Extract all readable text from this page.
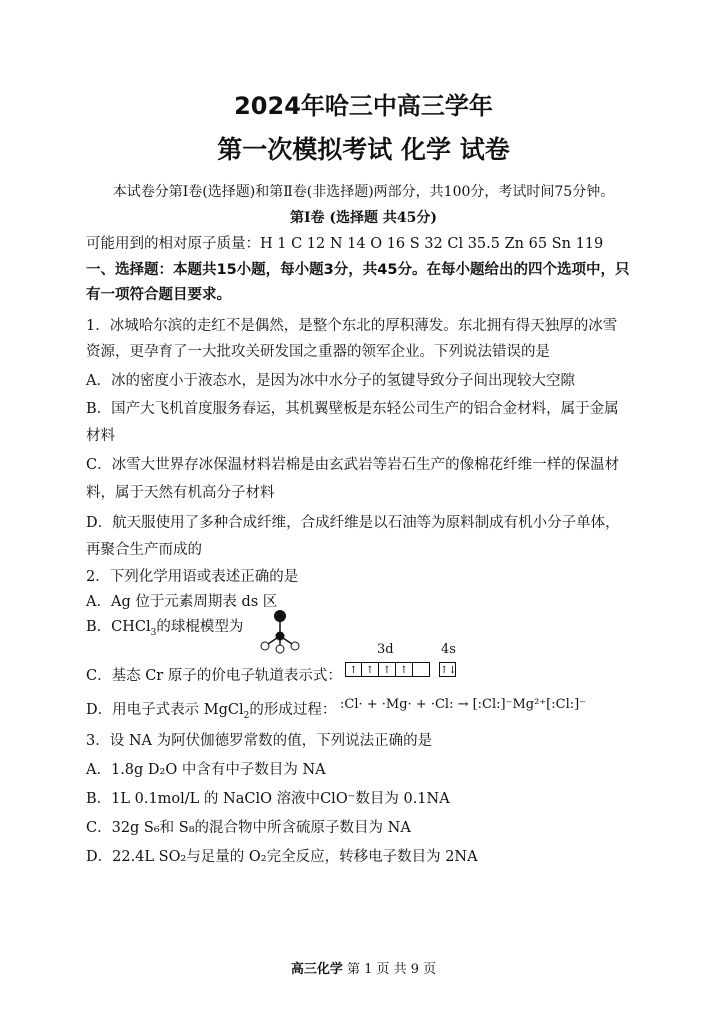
2024年哈三中高三学年
第一次模拟考试 化学 试卷
本试卷分第Ⅰ卷(选择题)和第Ⅱ卷(非选择题)两部分，共100分，考试时间75分钟。
第Ⅰ卷 (选择题 共45分)
可能用到的相对原子质量：H 1 C 12 N 14 O 16 S 32 Cl 35.5 Zn 65 Sn 119
一、选择题：本题共15小题，每小题3分，共45分。在每小题给出的四个选项中，只
有一项符合题目要求。
1．冰城哈尔滨的走红不是偶然，是整个东北的厚积薄发。东北拥有得天独厚的冰雪
资源，更孕育了一大批攻关研发国之重器的领军企业。下列说法错误的是
A．冰的密度小于液态水，是因为冰中水分子的氢键导致分子间出现较大空隙
B．国产大飞机首度服务春运，其机翼壁板是东轻公司生产的铝合金材料，属于金属
材料
C．冰雪大世界存冰保温材料岩棉是由玄武岩等岩石生产的像棉花纤维一样的保温材
料，属于天然有机高分子材料
D．航天服使用了多种合成纤维，合成纤维是以石油等为原料制成有机小分子单体，
再聚合生产而成的
2．下列化学用语或表述正确的是
A．Ag 位于元素周期表 ds 区
B．CHCl$_3$的球棍模型为
C．基态 Cr 原子的价电子轨道表示式：
3d	4s
↑ ↑ ↑ ↑	↑↓
D．用电子式表示 MgCl$_2$的形成过程： :Cl· + ·Mg· + ·Cl: → [:Cl:]⁻Mg²⁺[:Cl:]⁻
3．设 NA 为阿伏伽德罗常数的值，下列说法正确的是
A．1.8g D₂O 中含有中子数目为 NA
B．1L 0.1mol/L 的 NaClO 溶液中ClO⁻数目为 0.1NA
C．32g S₆和 S₈的混合物中所含硫原子数目为 NA
D．22.4L SO₂与足量的 O₂完全反应，转移电子数目为 2NA
高三化学 第 1 页 共 9 页
